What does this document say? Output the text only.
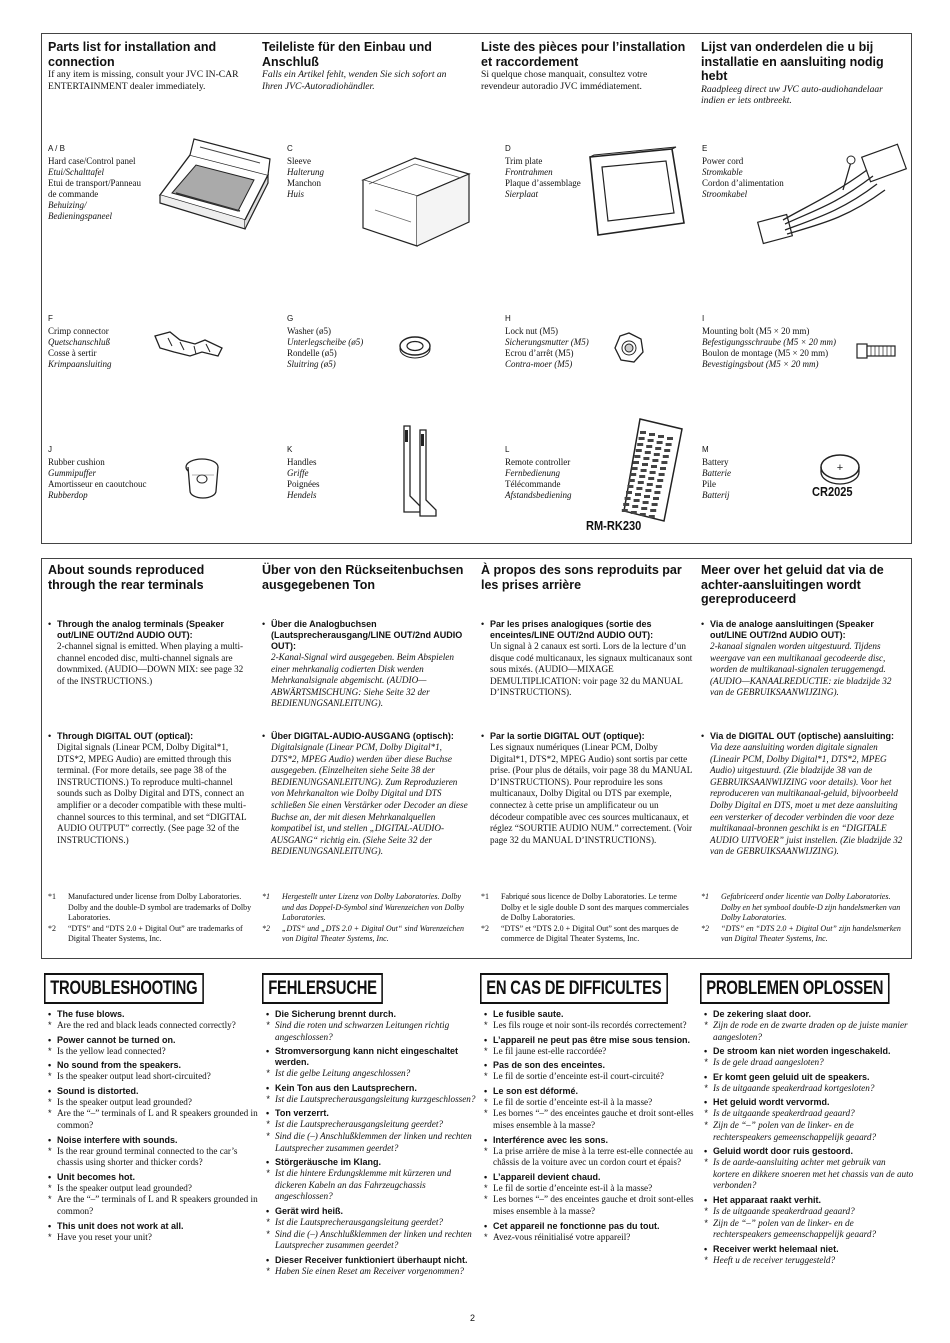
Parts list for installation and connection
If any item is missing, consult your JVC IN-CAR ENTERTAINMENT dealer immediately.
Teileliste für den Einbau und Anschluß
Falls ein Artikel fehlt, wenden Sie sich sofort an Ihren JVC-Autoradiohändler.
Liste des pièces pour l’installation et raccordement
Si quelque chose manquait, consultez votre revendeur autoradio JVC immédiatement.
Lijst van onderdelen die u bij installatie en aansluiting nodig hebt
Raadpleeg direct uw JVC auto-audiohandelaar indien er iets ontbreekt.
A / B
Hard case/Control panel
Etui/Schalttafel
Etui de transport/Panneau de commande
Behuizing/ Bedieningspaneel
C
Sleeve
Halterung
Manchon
Huis
D
Trim plate
Frontrahmen
Plaque d’assemblage
Sierplaat
E
Power cord
Stromkable
Cordon d’alimentation
Stroomkabel
F
Crimp connector
Quetschanschluß
Cosse à sertir
Krimpaansluiting
G
Washer (ø5)
Unterlegscheibe (ø5)
Rondelle (ø5)
Sluitring (ø5)
H
Lock nut (M5)
Sicherungsmutter (M5)
Ecrou d’arrêt (M5)
Contra-moer (M5)
I
Mounting bolt (M5 × 20 mm)
Befestigungsschraube (M5 × 20 mm)
Boulon de montage (M5 × 20 mm)
Bevestigingsbout (M5 × 20 mm)
J
Rubber cushion
Gummipuffer
Amortisseur en caoutchouc
Rubberdop
K
Handles
Griffe
Poignées
Hendels
L
Remote controller
Fernbedienung
Télécommande
Afstandsbediening
M
Battery
Batterie
Pile
Batterij
RM-RK230
+
CR2025
About sounds reproduced through the rear terminals
• Through the analog terminals (Speaker out/LINE OUT/2nd AUDIO OUT):
2-channel signal is emitted. When playing a multi-channel encoded disc, multi-channel signals are downmixed. (AUDIO—DOWN MIX: see page 32 of the INSTRUCTIONS.)
• Through DIGITAL OUT (optical):
Digital signals (Linear PCM, Dolby Digital*1, DTS*2, MPEG Audio) are emitted through this terminal. (For more details, see page 38 of the INSTRUCTIONS.) To reproduce multi-channel sounds such as Dolby Digital and DTS, connect an amplifier or a decoder compatible with these multi-channel sources to this terminal, and set “DIGITAL AUDIO OUTPUT” correctly. (See page 32 of the INSTRUCTIONS.)
*1 Manufactured under license from Dolby Laboratories. Dolby and the double-D symbol are trademarks of Dolby Laboratories.
*2 “DTS” and “DTS 2.0 + Digital Out” are trademarks of Digital Theater Systems, Inc.
Über von den Rückseitenbuchsen ausgegebenen Ton
• Über die Analogbuchsen (Lautsprecherausgang/LINE OUT/2nd AUDIO OUT):
2-Kanal-Signal wird ausgegeben. Beim Abspielen einer mehrkanalig codierten Disk werden Mehrkanalsignale abgemischt. (AUDIO—ABWÄRTSMISCHUNG: Siehe Seite 32 der BEDIENUNGSANLEITUNG).
• Über DIGITAL-AUDIO-AUSGANG (optisch):
Digitalsignale (Linear PCM, Dolby Digital*1, DTS*2, MPEG Audio) werden über diese Buchse ausgegeben. (Einzelheiten siehe Seite 38 der BEDIENUNGSANLEITUNG). Zum Reproduzieren von Mehrkanalton wie Dolby Digital und DTS schließen Sie einen Verstärker oder Decoder an diese Buchse an, der mit diesen Mehrkanalquellen kompatibel ist, und stellen „DIGITAL-AUDIO-AUSGANG“ richtig ein. (Siehe Seite 32 der BEDIENUNGSANLEITUNG).
*1 Hergestellt unter Lizenz von Dolby Laboratories. Dolby und das Doppel-D-Symbol sind Warenzeichen von Dolby Laboratories.
*2 „DTS“ und „DTS 2.0 + Digital Out“ sind Warenzeichen von Digital Theater Systems, Inc.
À propos des sons reproduits par les prises arrière
• Par les prises analogiques (sortie des enceintes/LINE OUT/2nd AUDIO OUT):
Un signal à 2 canaux est sorti. Lors de la lecture d’un disque codé multicanaux, les signaux multicanaux sont sous mixés. (AUDIO—MIXAGE DEMULTIPLICATION: voir page 32 du MANUAL D’INSTRUCTIONS).
• Par la sortie DIGITAL OUT (optique):
Les signaux numériques (Linear PCM, Dolby Digital*1, DTS*2, MPEG Audio) sont sortis par cette prise. (Pour plus de détails, voir page 38 du MANUAL D’INSTRUCTIONS). Pour reproduire les sons multicanaux, Dolby Digital ou DTS par exemple, connectez à cette prise un amplificateur ou un décodeur compatible avec ces sources multicanaux, et réglez “SOURTIE AUDIO NUM.” correctement. (Voir page 32 du MANUAL D’INSTRUCTIONS).
*1 Fabriqué sous licence de Dolby Laboratories. Le terme Dolby et le sigle double D sont des marques commerciales de Dolby Laboratories.
*2 “DTS” et “DTS 2.0 + Digital Out” sont des marques de commerce de Digital Theater Systems, Inc.
Meer over het geluid dat via de achter-aansluitingen wordt gereproduceerd
• Via de analoge aansluitingen (Speaker out/LINE OUT/2nd AUDIO OUT):
2-kanaal signalen worden uitgestuurd. Tijdens weergave van een multikanaal gecodeerde disc, worden de multikanaal-signalen teruggemengd. (AUDIO—KANAALREDUCTIE: zie bladzijde 32 van de GEBRUIKSAANWIJZING).
• Via de DIGITAL OUT (optische) aansluiting:
Via deze aansluiting worden digitale signalen (Lineair PCM, Dolby Digital*1, DTS*2, MPEG Audio) uitgestuurd. (Zie bladzijde 38 van de GEBRUIKSAANWIJZING voor details). Voor het reproduceren van multikanaal-geluid, bijvoorbeeld Dolby Digital en DTS, moet u met deze aansluiting een versterker of decoder verbinden die voor deze multikanaal-bronnen geschikt is en “DIGITALE AUDIO UITVOER” juist instellen. (Zie bladzijde 32 van de GEBRUIKSAANWIJZING).
*1 Gefabriceerd onder licentie van Dolby Laboratories. Dolby en het symbool double-D zijn handelsmerken van Dolby Laboratories.
*2 “DTS” en “DTS 2.0 + Digital Out” zijn handelsmerken van Digital Theater Systems, Inc.
TROUBLESHOOTING
• The fuse blows.
* Are the red and black leads connected correctly?
• Power cannot be turned on.
* Is the yellow lead connected?
• No sound from the speakers.
* Is the speaker output lead short-circuited?
• Sound is distorted.
* Is the speaker output lead grounded?
* Are the “–” terminals of L and R speakers grounded in common?
• Noise interfere with sounds.
* Is the rear ground terminal connected to the car’s chassis using shorter and thicker cords?
• Unit becomes hot.
* Is the speaker output lead grounded?
* Are the “–” terminals of L and R speakers grounded in common?
• This unit does not work at all.
* Have you reset your unit?
FEHLERSUCHE
• Die Sicherung brennt durch.
* Sind die roten und schwarzen Leitungen richtig angeschlossen?
• Stromversorgung kann nicht eingeschaltet werden.
* Ist die gelbe Leitung angeschlossen?
• Kein Ton aus den Lautsprechern.
* Ist die Lautsprecherausgangsleitung kurzgeschlossen?
• Ton verzerrt.
* Ist die Lautsprecherausgangsleitung geerdet?
* Sind die (–) Anschlußklemmen der linken und rechten Lautsprecher zusammen geerdet?
• Störgeräusche im Klang.
* Ist die hintere Erdungsklemme mit kürzeren und dickeren Kabeln an das Fahrzeugchassis angeschlossen?
• Gerät wird heiß.
* Ist die Lautsprecherausgangsleitung geerdet?
* Sind die (–) Anschlußklemmen der linken und rechten Lautsprecher zusammen geerdet?
• Dieser Receiver funktioniert überhaupt nicht.
* Haben Sie einen Reset am Receiver vorgenommen?
EN CAS DE DIFFICULTES
• Le fusible saute.
* Les fils rouge et noir sont-ils recordés correctement?
• L’appareil ne peut pas être mise sous tension.
* Le fil jaune est-elle raccordée?
• Pas de son des enceintes.
* Le fil de sortie d’enceinte est-il court-circuité?
• Le son est déformé.
* Le fil de sortie d’enceinte est-il à la masse?
* Les bornes “–” des enceintes gauche et droit sont-elles mises ensemble à la masse?
• Interférence avec les sons.
* La prise arrière de mise à la terre est-elle connectée au châssis de la voiture avec un cordon court et épais?
• L’appareil devient chaud.
* Le fil de sortie d’enceinte est-il à la masse?
* Les bornes “–” des enceintes gauche et droit sont-elles mises ensemble à la masse?
• Cet appareil ne fonctionne pas du tout.
* Avez-vous réinitialisé votre appareil?
PROBLEMEN OPLOSSEN
• De zekering slaat door.
* Zijn de rode en de zwarte draden op de juiste manier aangesloten?
• De stroom kan niet worden ingeschakeld.
* Is de gele draad aangesloten?
• Er komt geen geluid uit de speakers.
* Is de uitgaande speakerdraad kortgesloten?
• Het geluid wordt vervormd.
* Is de uitgaande speakerdraad geaard?
* Zijn de “–” polen van de linker- en de rechterspeakers gemeenschappelijk geaard?
• Geluid wordt door ruis gestoord.
* Is de aarde-aansluiting achter met gebruik van kortere en dikkere snoeren met het chassis van de auto verbonden?
• Het apparaat raakt verhit.
* Is de uitgaande speakerdraad geaard?
* Zijn de “–” polen van de linker- en de rechterspeakers gemeenschappelijk geaard?
• Receiver werkt helemaal niet.
* Heeft u de receiver teruggesteld?
2
